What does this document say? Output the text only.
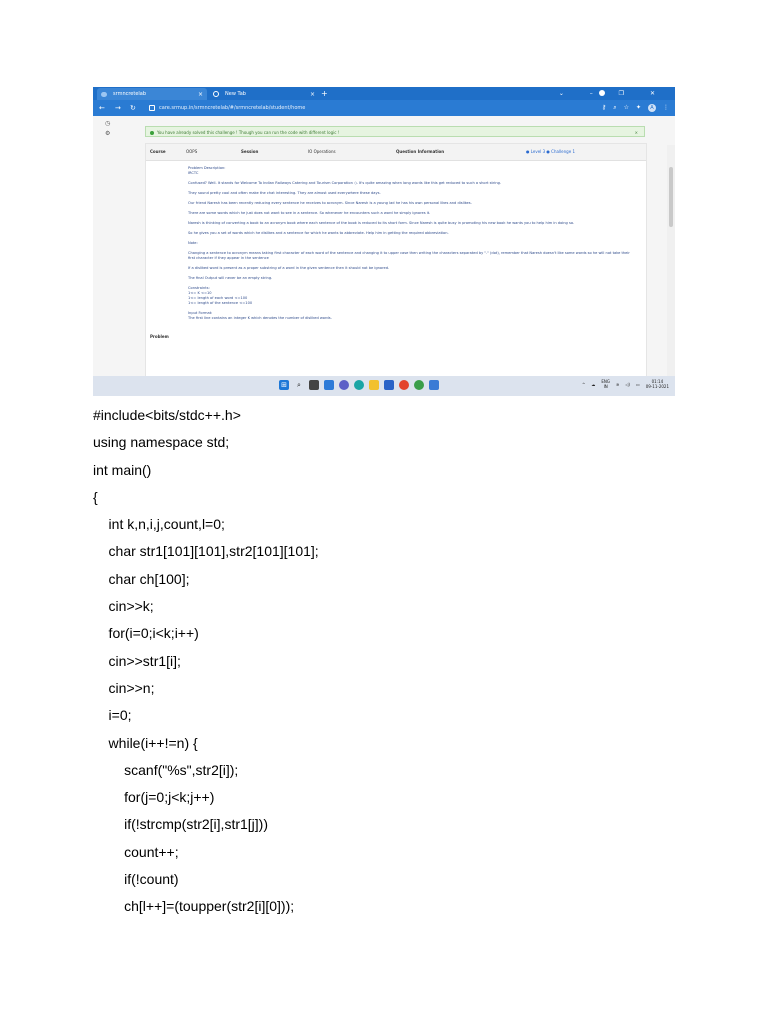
srmncretelab	×	New Tab	× +	⌄ – ❐ ✕
← → ↻	care.srmup.in/srmncretelab/#/srmncretelab/student/home	⚷ ⌕ ☆ ✦	A	⋮
◷
⚙	You have already solved this challenge ! Though you can run the code with different logic !	×
Course	OOPS	Session	IO Operations	Question Information	● Level 3 ● Challenge 1
Problem

Problem Description:
IRCTC

Confused? Well. It stands for Welcome To Indian Railways Catering and Tourism Corporation :). It's quite amazing when long words like this get reduced to such a short string.

They sound pretty cool and often make the chat interesting. They are almost used everywhere these days.

Our friend Naresh has been recently reducing every sentence he receives to acronym. Since Naresh is a young lad he has his own personal likes and dislikes.

There are some words which he just does not want to see in a sentence. So whenever he encounters such a word he simply ignores it.

Naresh is thinking of converting a book to an acronym book where each sentence of the book is reduced to its short form. Since Naresh is quite busy in promoting his new book he wants you to help him in doing so.

So he gives you a set of words which he dislikes and a sentence for which he wants to abbreviate. Help him in getting the required abbreviation.

Note:

Changing a sentence to acronym means taking first character of each word of the sentence and changing it to upper case then writing the characters separated by "." (dot), remember that Naresh doesn't like some words so he will not take their first character if they appear in the sentence

If a disliked word is present as a proper substring of a word in the given sentence then it should not be ignored.

The final Output will never be an empty string.

Constraints:
1<= K <=10
1<= length of each word <=100
1<= length of the sentence <=100

Input Format:
The first line contains an integer K which denotes the number of disliked words.

⊞	⌕	^ ☁ ENG
IN	≋ ◁) ▭	01:14
09-11-2021
#include<bits/stdc++.h>
using namespace std;
int main()
{
int k,n,i,j,count,l=0;
char str1[101][101],str2[101][101];
char ch[100];
cin>>k;
for(i=0;i<k;i++)
cin>>str1[i];
cin>>n;
i=0;
while(i++!=n) {
scanf("%s",str2[i]);
for(j=0;j<k;j++)
if(!strcmp(str2[i],str1[j]))
count++;
if(!count)
ch[l++]=(toupper(str2[i][0]));
